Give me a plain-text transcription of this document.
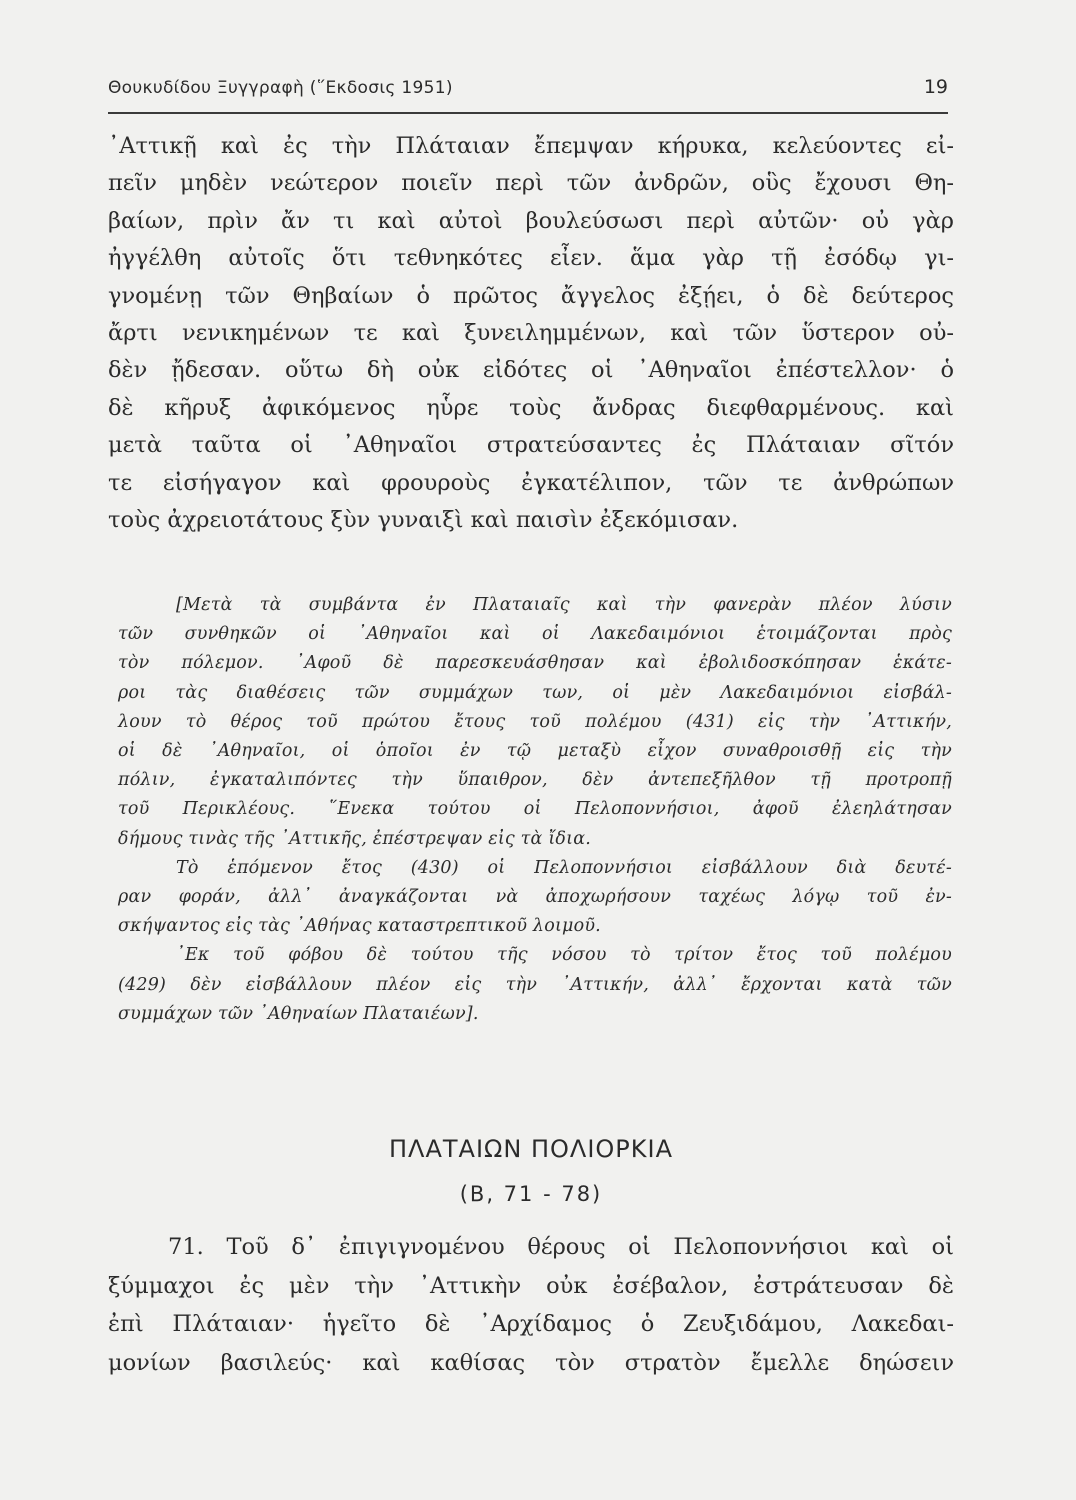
Θουκυδίδου Ξυγγραφὴ (῞Εκδοσις 1951)	19
᾿Αττικῇ καὶ ἐς τὴν Πλάταιαν ἔπεμψαν κήρυκα, κελεύοντες εἰ-
πεῖν μηδὲν νεώτερον ποιεῖν περὶ τῶν ἀνδρῶν, οὓς ἔχουσι Θη-
βαίων, πρὶν ἄν τι καὶ αὐτοὶ βουλεύσωσι περὶ αὐτῶν· οὐ γὰρ
ἠγγέλθη αὐτοῖς ὅτι τεθνηκότες εἶεν. ἅμα γὰρ τῇ ἐσόδῳ γι-
γνομένῃ τῶν Θηβαίων ὁ πρῶτος ἄγγελος ἐξῄει, ὁ δὲ δεύτερος
ἄρτι νενικημένων τε καὶ ξυνειλημμένων, καὶ τῶν ὕστερον οὐ-
δὲν ᾔδεσαν. οὕτω δὴ οὐκ εἰδότες οἱ ᾿Αθηναῖοι ἐπέστελλον· ὁ
δὲ κῆρυξ ἀφικόμενος ηὗρε τοὺς ἄνδρας διεφθαρμένους. καὶ
μετὰ ταῦτα οἱ ᾿Αθηναῖοι στρατεύσαντες ἐς Πλάταιαν σῖτόν
τε εἰσήγαγον καὶ φρουροὺς ἐγκατέλιπον, τῶν τε ἀνθρώπων
τοὺς ἀχρειοτάτους ξὺν γυναιξὶ καὶ παισὶν ἐξεκόμισαν.
[Μετὰ τὰ συμβάντα ἐν Πλαταιαῖς καὶ τὴν φανερὰν πλέον λύσιν
τῶν συνθηκῶν οἱ ᾿Αθηναῖοι καὶ οἱ Λακεδαιμόνιοι ἑτοιμάζονται πρὸς
τὸν πόλεμον. ᾿Αφοῦ δὲ παρεσκευάσθησαν καὶ ἐβολιδοσκόπησαν ἑκάτε-
ροι τὰς διαθέσεις τῶν συμμάχων των, οἱ μὲν Λακεδαιμόνιοι εἰσβάλ-
λουν τὸ θέρος τοῦ πρώτου ἔτους τοῦ πολέμου (431) εἰς τὴν ᾿Αττικήν,
οἱ δὲ ᾿Αθηναῖοι, οἱ ὁποῖοι ἐν τῷ μεταξὺ εἶχον συναθροισθῇ εἰς τὴν
πόλιν, ἐγκαταλιπόντες τὴν ὕπαιθρον, δὲν ἀντεπεξῆλθον τῇ προτροπῇ
τοῦ Περικλέους. ῞Ενεκα τούτου οἱ Πελοποννήσιοι, ἀφοῦ ἐλεηλάτησαν
δήμους τινὰς τῆς ᾿Αττικῆς, ἐπέστρεψαν εἰς τὰ ἴδια.
Τὸ ἑπόμενον ἔτος (430) οἱ Πελοποννήσιοι εἰσβάλλουν διὰ δευτέ-
ραν φοράν, ἀλλ᾿ ἀναγκάζονται νὰ ἀποχωρήσουν ταχέως λόγῳ τοῦ ἐν-
σκήψαντος εἰς τὰς ᾿Αθήνας καταστρεπτικοῦ λοιμοῦ.
᾿Εκ τοῦ φόβου δὲ τούτου τῆς νόσου τὸ τρίτον ἔτος τοῦ πολέμου
(429) δὲν εἰσβάλλουν πλέον εἰς τὴν ᾿Αττικήν, ἀλλ᾿ ἔρχονται κατὰ τῶν
συμμάχων τῶν ᾿Αθηναίων Πλαταιέων].
ΠΛΑΤΑΙΩΝ ΠΟΛΙΟΡΚΙΑ
(Β, 71 - 78)
71. Τοῦ δ᾿ ἐπιγιγνομένου θέρους οἱ Πελοποννήσιοι καὶ οἱ
ξύμμαχοι ἐς μὲν τὴν ᾿Αττικὴν οὐκ ἐσέβαλον, ἐστράτευσαν δὲ
ἐπὶ Πλάταιαν· ἡγεῖτο δὲ ᾿Αρχίδαμος ὁ Ζευξιδάμου, Λακεδαι-
μονίων βασιλεύς· καὶ καθίσας τὸν στρατὸν ἔμελλε δηώσειν
